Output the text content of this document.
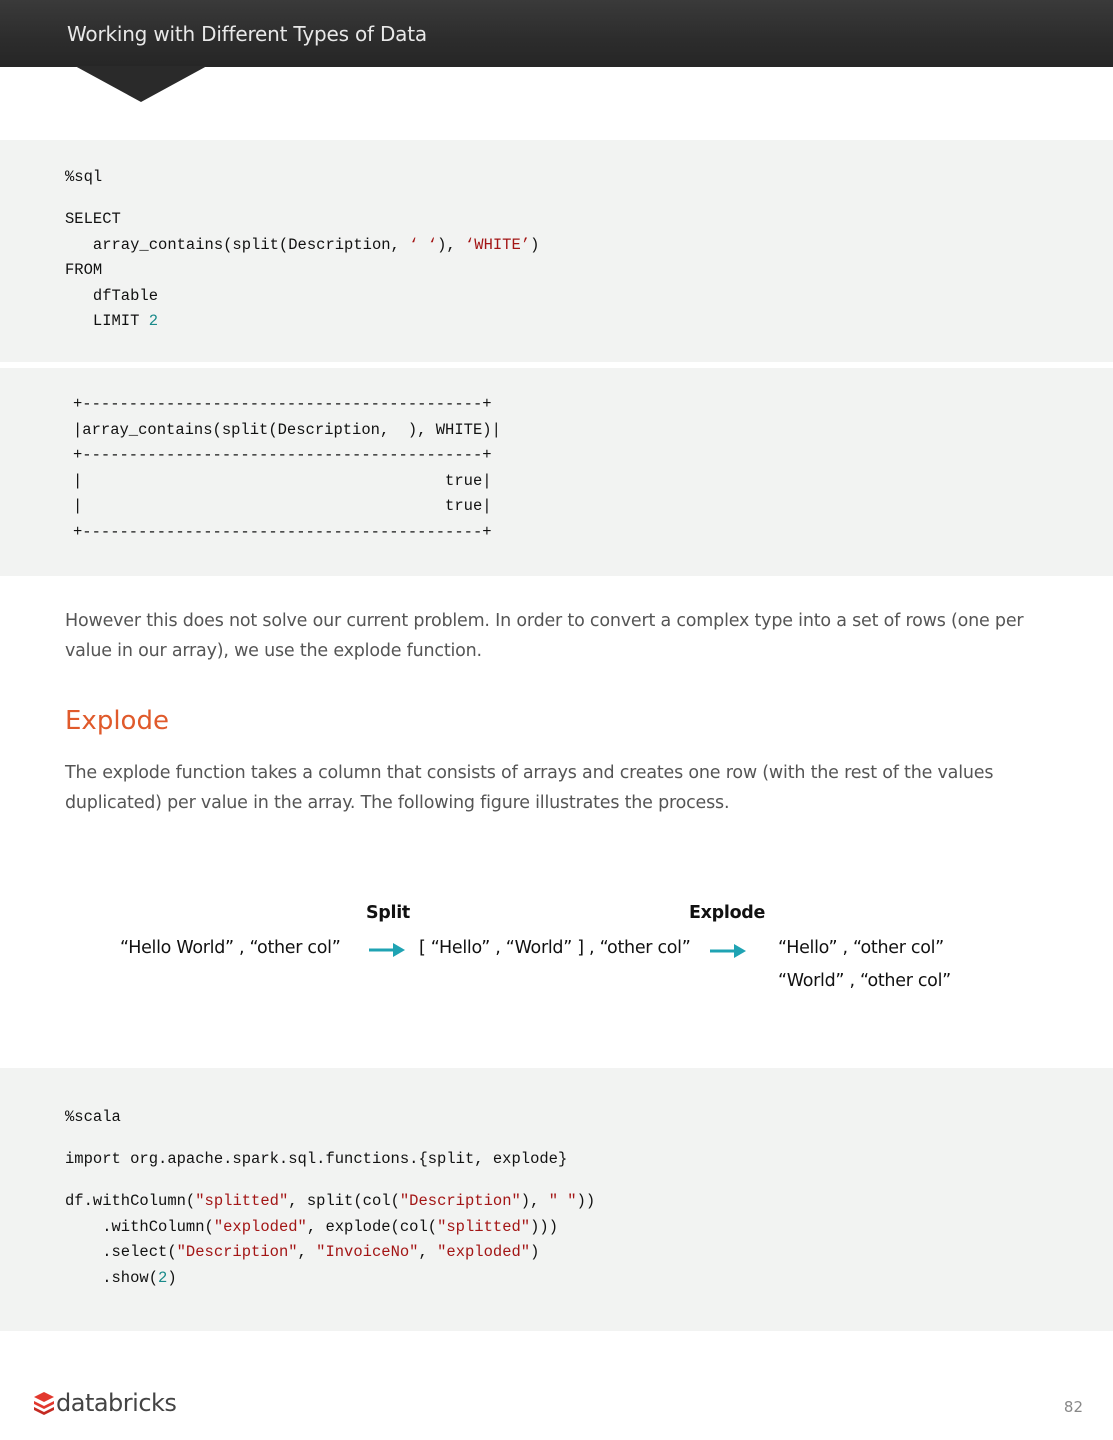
Working with Different Types of Data
%sql
SELECT
array_contains(split(Description, ‘ ‘), ‘WHITE’)
FROM
dfTable
LIMIT 2
+-------------------------------------------+
|array_contains(split(Description,  ), WHITE)|
+-------------------------------------------+
|                                       true|
|                                       true|
+-------------------------------------------+
However this does not solve our current problem. In order to convert a complex type into a set of rows (one per value in our array), we use the explode function.
Explode
The explode function takes a column that consists of arrays and creates one row (with the rest of the values duplicated) per value in the array. The following figure illustrates the process.
Split	Explode
“Hello World” , “other col”	[ “Hello” , “World” ] , “other col”	“Hello” , “other col”
“World” , “other col”
%scala
import org.apache.spark.sql.functions.{split, explode}
df.withColumn("splitted", split(col("Description"), " "))
.withColumn("exploded", explode(col("splitted")))
.select("Description", "InvoiceNo", "exploded")
.show(2)
databricks	82
